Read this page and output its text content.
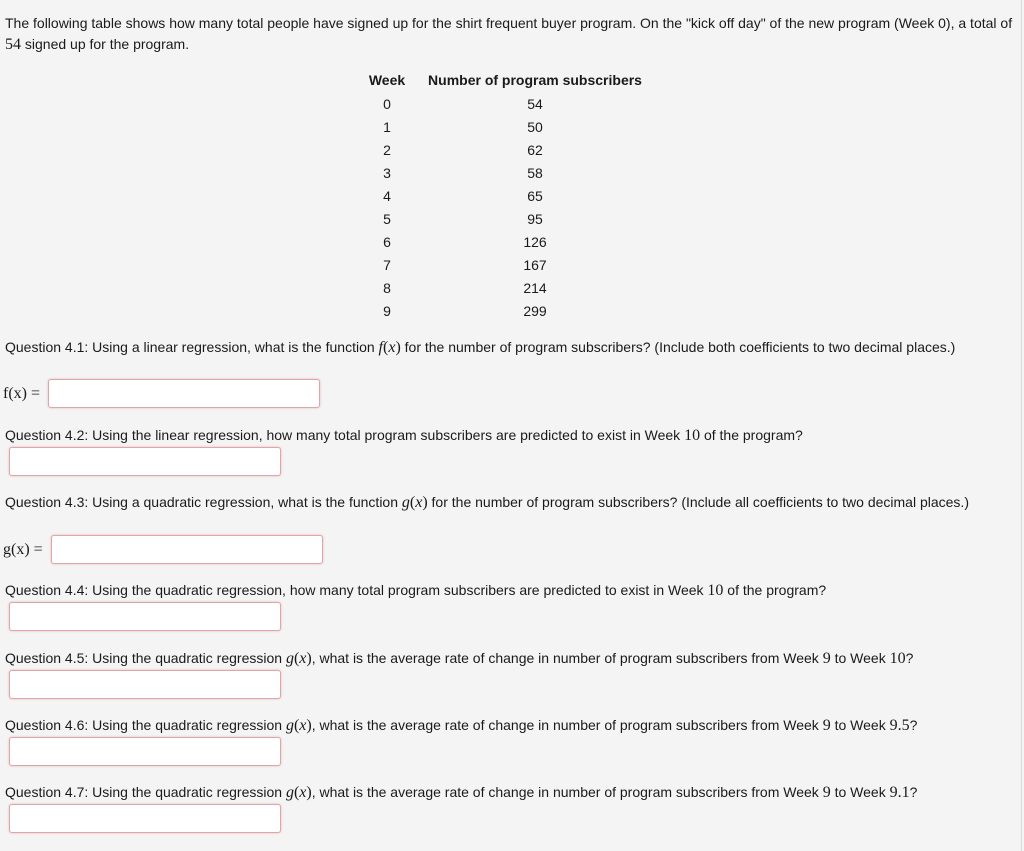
The following table shows how many total people have signed up for the shirt frequent buyer program. On the "kick off day" of the new program (Week 0), a total of 54 signed up for the program.
Week	Number of program subscribers
0	54
1	50
2	62
3	58
4	65
5	95
6	126
7	167
8	214
9	299
Question 4.1: Using a linear regression, what is the function f(x) for the number of program subscribers? (Include both coefficients to two decimal places.)
f(x) =
Question 4.2: Using the linear regression, how many total program subscribers are predicted to exist in Week 10 of the program?
Question 4.3: Using a quadratic regression, what is the function g(x) for the number of program subscribers? (Include all coefficients to two decimal places.)
g(x) =
Question 4.4: Using the quadratic regression, how many total program subscribers are predicted to exist in Week 10 of the program?
Question 4.5: Using the quadratic regression g(x), what is the average rate of change in number of program subscribers from Week 9 to Week 10?
Question 4.6: Using the quadratic regression g(x), what is the average rate of change in number of program subscribers from Week 9 to Week 9.5?
Question 4.7: Using the quadratic regression g(x), what is the average rate of change in number of program subscribers from Week 9 to Week 9.1?
